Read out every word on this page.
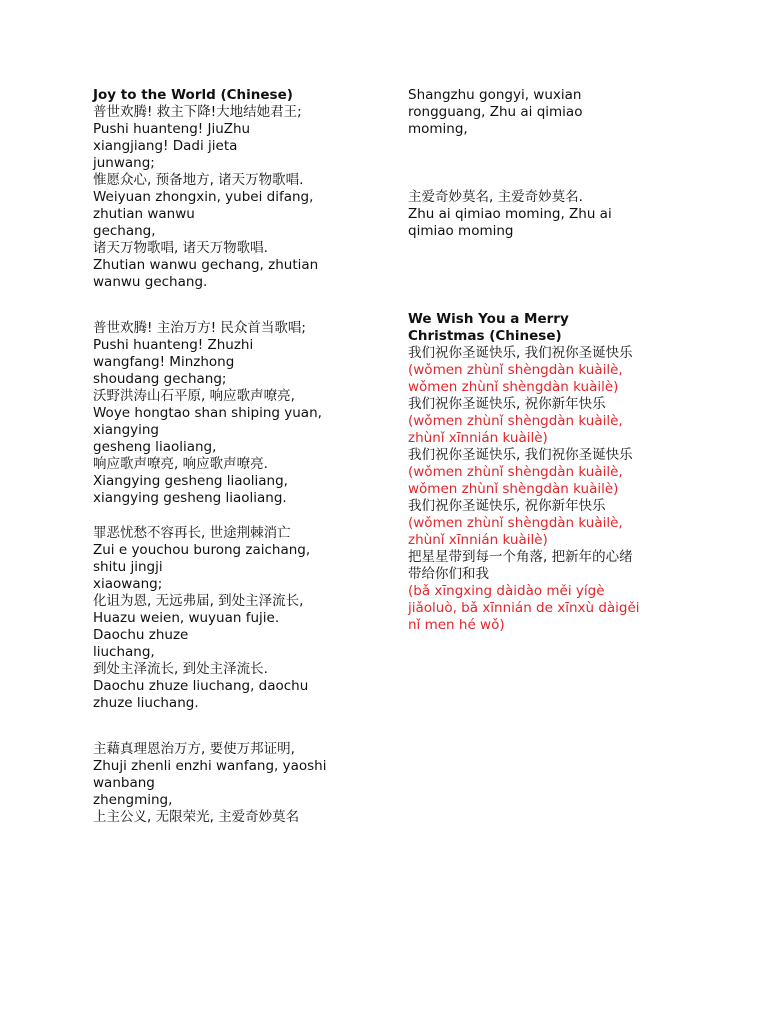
Joy to the World (Chinese)
普世欢腾! 救主下降!大地结她君王;
Pushi huanteng! JiuZhu
xiangjiang! Dadi jieta
junwang;
惟愿众心, 预备地方, 诸天万物歌唱.
Weiyuan zhongxin, yubei difang,
zhutian wanwu
gechang,
诸天万物歌唱, 诸天万物歌唱.
Zhutian wanwu gechang, zhutian
wanwu gechang.
普世欢腾! 主治万方! 民众首当歌唱;
Pushi huanteng! Zhuzhi
wangfang! Minzhong
shoudang gechang;
沃野洪涛山石平原, 响应歌声嘹亮,
Woye hongtao shan shiping yuan,
xiangying
gesheng liaoliang,
响应歌声嘹亮, 响应歌声嘹亮.
Xiangying gesheng liaoliang,
xiangying gesheng liaoliang.
罪恶忧愁不容再长, 世途荆棘消亡
Zui e youchou burong zaichang,
shitu jingji
xiaowang;
化诅为恩, 无远弗届, 到处主泽流长,
Huazu weien, wuyuan fujie.
Daochu zhuze
liuchang,
到处主泽流长, 到处主泽流长.
Daochu zhuze liuchang, daochu
zhuze liuchang.
主藉真理恩治万方, 要使万邦证明,
Zhuji zhenli enzhi wanfang, yaoshi
wanbang
zhengming,
上主公义, 无限荣光, 主爱奇妙莫名
Shangzhu gongyi, wuxian
rongguang, Zhu ai qimiao
moming,
主爱奇妙莫名, 主爱奇妙莫名.
Zhu ai qimiao moming, Zhu ai
qimiao moming
We Wish You a Merry
Christmas (Chinese)
我们祝你圣诞快乐, 我们祝你圣诞快乐
(wǒmen zhùnǐ shèngdàn kuàilè,
wǒmen zhùnǐ shèngdàn kuàilè)
我们祝你圣诞快乐, 祝你新年快乐
(wǒmen zhùnǐ shèngdàn kuàilè,
zhùnǐ xīnnián kuàilè)
我们祝你圣诞快乐, 我们祝你圣诞快乐
(wǒmen zhùnǐ shèngdàn kuàilè,
wǒmen zhùnǐ shèngdàn kuàilè)
我们祝你圣诞快乐, 祝你新年快乐
(wǒmen zhùnǐ shèngdàn kuàilè,
zhùnǐ xīnnián kuàilè)
把星星带到每一个角落, 把新年的心绪
带给你们和我
(bǎ xīngxing dàidào měi yígè
jiǎoluò, bǎ xīnnián de xīnxù dàigěi
nǐ men hé wǒ)
